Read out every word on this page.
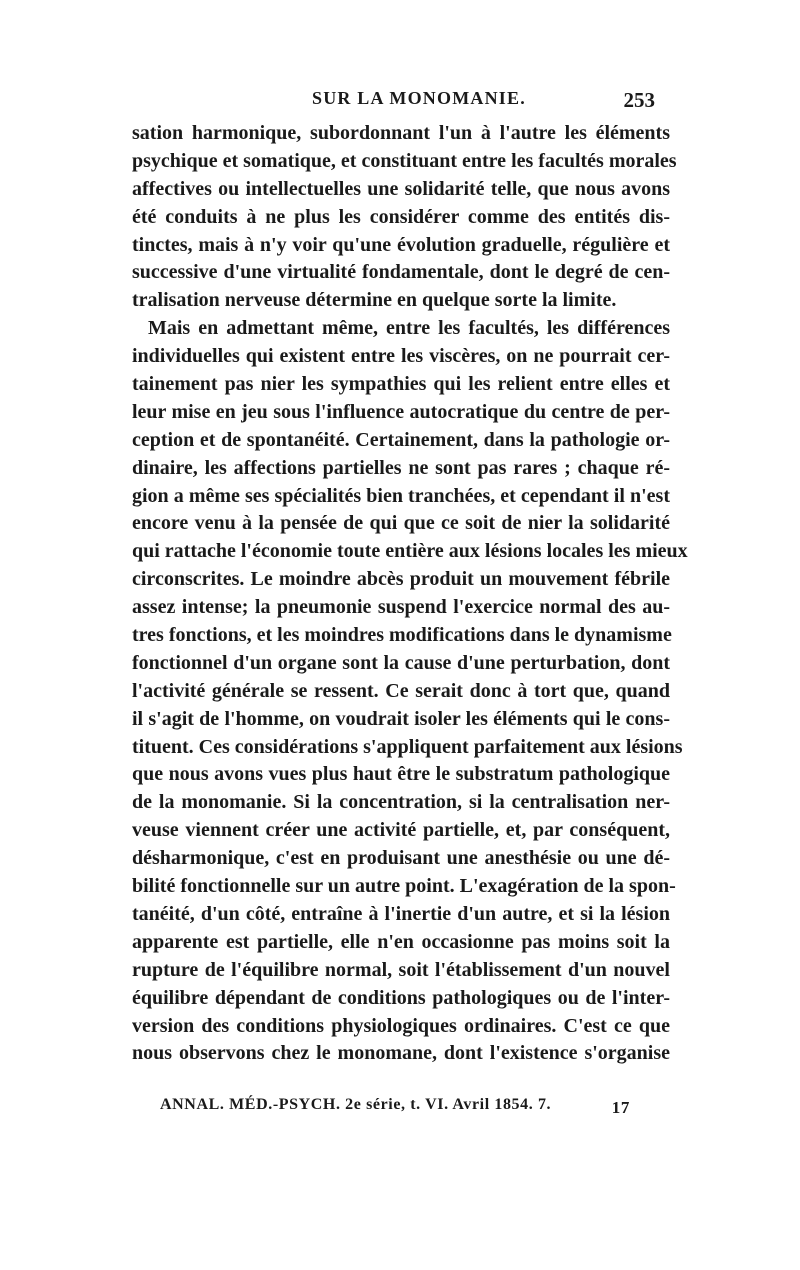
SUR LA MONOMANIE.	253
sation harmonique, subordonnant l'un à l'autre les éléments
psychique et somatique, et constituant entre les facultés morales
affectives ou intellectuelles une solidarité telle, que nous avons
été conduits à ne plus les considérer comme des entités dis-
tinctes, mais à n'y voir qu'une évolution graduelle, régulière et
successive d'une virtualité fondamentale, dont le degré de cen-
tralisation nerveuse détermine en quelque sorte la limite.
Mais en admettant même, entre les facultés, les différences
individuelles qui existent entre les viscères, on ne pourrait cer-
tainement pas nier les sympathies qui les relient entre elles et
leur mise en jeu sous l'influence autocratique du centre de per-
ception et de spontanéité. Certainement, dans la pathologie or-
dinaire, les affections partielles ne sont pas rares ; chaque ré-
gion a même ses spécialités bien tranchées, et cependant il n'est
encore venu à la pensée de qui que ce soit de nier la solidarité
qui rattache l'économie toute entière aux lésions locales les mieux
circonscrites. Le moindre abcès produit un mouvement fébrile
assez intense; la pneumonie suspend l'exercice normal des au-
tres fonctions, et les moindres modifications dans le dynamisme
fonctionnel d'un organe sont la cause d'une perturbation, dont
l'activité générale se ressent. Ce serait donc à tort que, quand
il s'agit de l'homme, on voudrait isoler les éléments qui le cons-
tituent. Ces considérations s'appliquent parfaitement aux lésions
que nous avons vues plus haut être le substratum pathologique
de la monomanie. Si la concentration, si la centralisation ner-
veuse viennent créer une activité partielle, et, par conséquent,
désharmonique, c'est en produisant une anesthésie ou une dé-
bilité fonctionnelle sur un autre point. L'exagération de la spon-
tanéité, d'un côté, entraîne à l'inertie d'un autre, et si la lésion
apparente est partielle, elle n'en occasionne pas moins soit la
rupture de l'équilibre normal, soit l'établissement d'un nouvel
équilibre dépendant de conditions pathologiques ou de l'inter-
version des conditions physiologiques ordinaires. C'est ce que
nous observons chez le monomane, dont l'existence s'organise
ANNAL. MÉD.-PSYCH. 2e série, t. VI. Avril 1854. 7.	17
